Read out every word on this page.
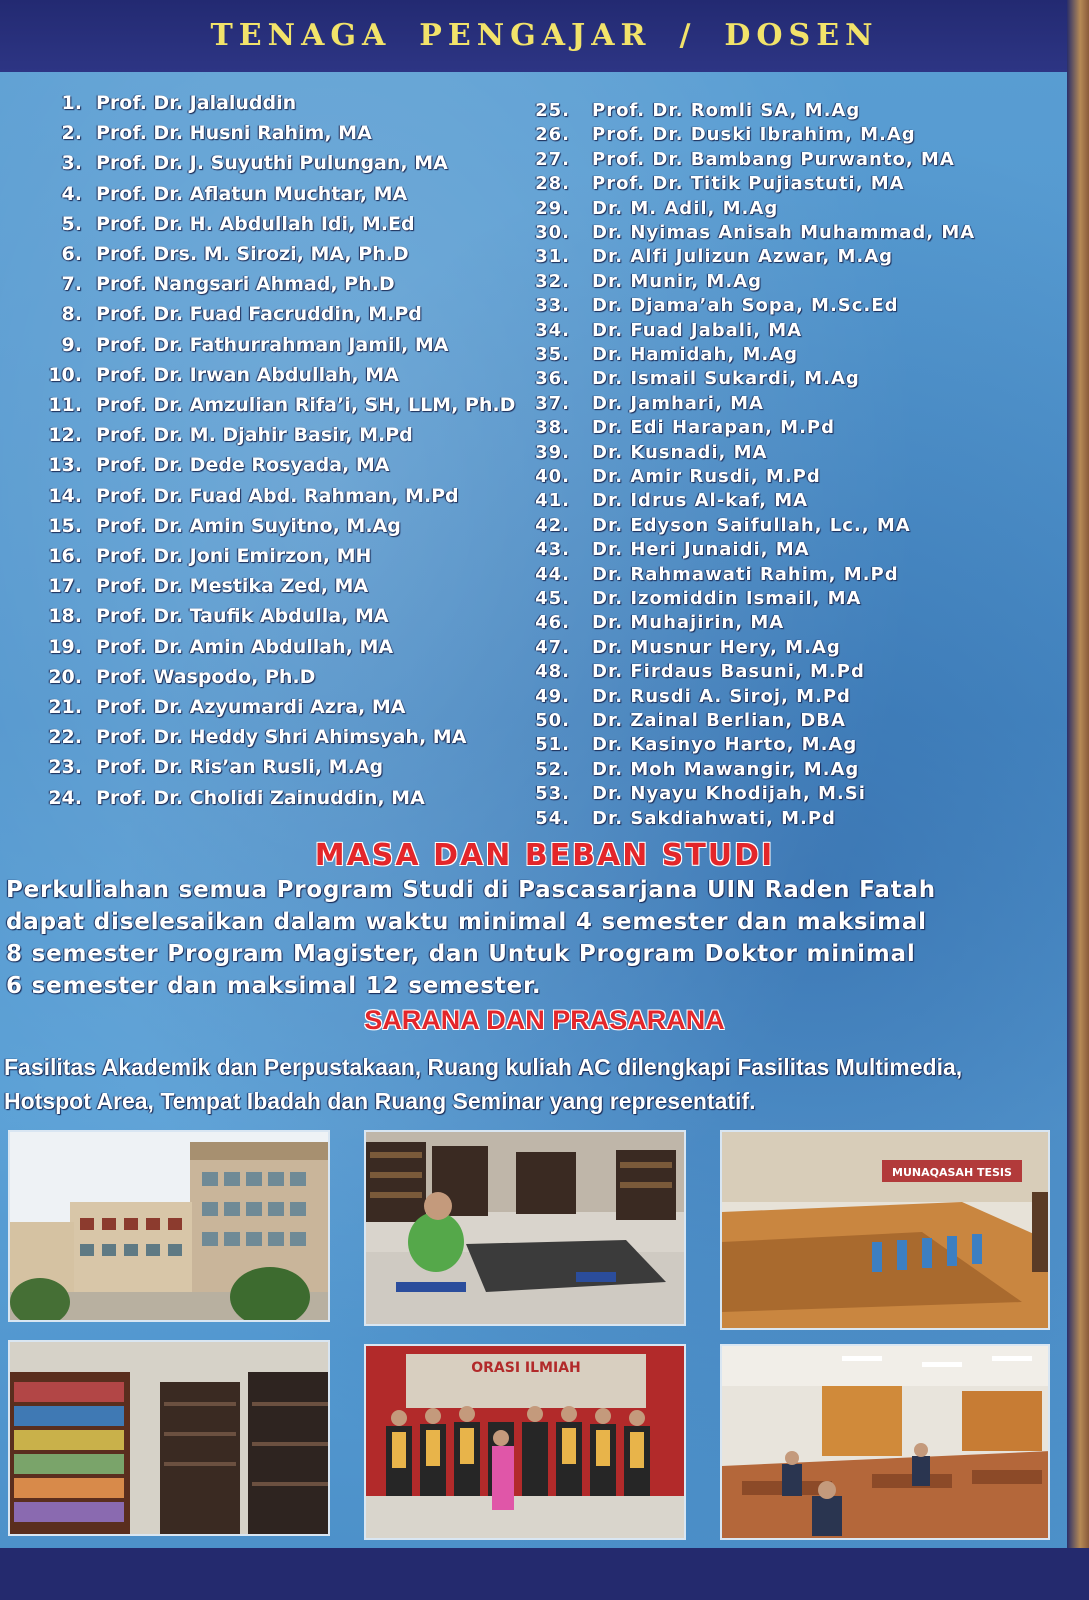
TENAGA PENGAJAR / DOSEN
1. Prof. Dr. Jalaluddin
2. Prof. Dr. Husni Rahim, MA
3. Prof. Dr. J. Suyuthi Pulungan, MA
4. Prof. Dr. Aflatun Muchtar, MA
5. Prof. Dr. H. Abdullah Idi, M.Ed
6. Prof. Drs. M. Sirozi, MA, Ph.D
7. Prof. Nangsari Ahmad, Ph.D
8. Prof. Dr. Fuad Facruddin, M.Pd
9. Prof. Dr. Fathurrahman Jamil, MA
10. Prof. Dr. Irwan Abdullah, MA
11. Prof. Dr. Amzulian Rifa’i, SH, LLM, Ph.D
12. Prof. Dr. M. Djahir Basir, M.Pd
13. Prof. Dr. Dede Rosyada, MA
14. Prof. Dr. Fuad Abd. Rahman, M.Pd
15. Prof. Dr. Amin Suyitno, M.Ag
16. Prof. Dr. Joni Emirzon, MH
17. Prof. Dr. Mestika Zed, MA
18. Prof. Dr. Taufik Abdulla, MA
19. Prof. Dr. Amin Abdullah, MA
20. Prof. Waspodo, Ph.D
21. Prof. Dr. Azyumardi Azra, MA
22. Prof. Dr. Heddy Shri Ahimsyah, MA
23. Prof. Dr. Ris’an Rusli, M.Ag
24. Prof. Dr. Cholidi Zainuddin, MA
25. Prof. Dr. Romli SA, M.Ag
26. Prof. Dr. Duski Ibrahim, M.Ag
27. Prof. Dr. Bambang Purwanto, MA
28. Prof. Dr. Titik Pujiastuti, MA
29. Dr. M. Adil, M.Ag
30. Dr. Nyimas Anisah Muhammad, MA
31. Dr. Alfi Julizun Azwar, M.Ag
32. Dr. Munir, M.Ag
33. Dr. Djama’ah Sopa, M.Sc.Ed
34. Dr. Fuad Jabali, MA
35. Dr. Hamidah, M.Ag
36. Dr. Ismail Sukardi, M.Ag
37. Dr. Jamhari, MA
38. Dr. Edi Harapan, M.Pd
39. Dr. Kusnadi, MA
40. Dr. Amir Rusdi, M.Pd
41. Dr. Idrus Al-kaf, MA
42. Dr. Edyson Saifullah, Lc., MA
43. Dr. Heri Junaidi, MA
44. Dr. Rahmawati Rahim, M.Pd
45. Dr. Izomiddin Ismail, MA
46. Dr. Muhajirin, MA
47. Dr. Musnur Hery, M.Ag
48. Dr. Firdaus Basuni, M.Pd
49. Dr. Rusdi A. Siroj, M.Pd
50. Dr. Zainal Berlian, DBA
51. Dr. Kasinyo Harto, M.Ag
52. Dr. Moh Mawangir, M.Ag
53. Dr. Nyayu Khodijah, M.Si
54. Dr. Sakdiahwati, M.Pd
MASA DAN BEBAN STUDI
Perkuliahan semua Program Studi di Pascasarjana UIN Raden Fatah
dapat diselesaikan dalam waktu minimal 4 semester dan maksimal
8 semester Program Magister, dan Untuk Program Doktor minimal
6 semester dan maksimal 12 semester.
SARANA DAN PRASARANA
Fasilitas Akademik dan Perpustakaan, Ruang kuliah AC dilengkapi Fasilitas Multimedia,
Hotspot Area, Tempat Ibadah dan Ruang Seminar yang representatif.
MUNAQASAH TESIS
ORASI ILMIAH
